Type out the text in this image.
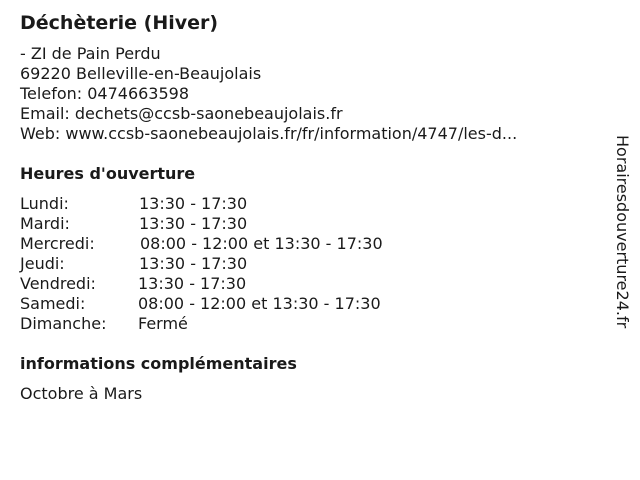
Déchèterie (Hiver)
- ZI de Pain Perdu
69220 Belleville-en-Beaujolais
Telefon: 0474663598
Email: dechets@ccsb-saonebeaujolais.fr
Web: www.ccsb-saonebeaujolais.fr/fr/information/4747/les-d...
Heures d'ouverture
Lundi:	13:30 - 17:30
Mardi:	13:30 - 17:30
Mercredi:	08:00 - 12:00 et 13:30 - 17:30
Jeudi:	13:30 - 17:30
Vendredi:	13:30 - 17:30
Samedi:	08:00 - 12:00 et 13:30 - 17:30
Dimanche: Fermé
informations complémentaires
Octobre à Mars
Horairesdouverture24.fr
